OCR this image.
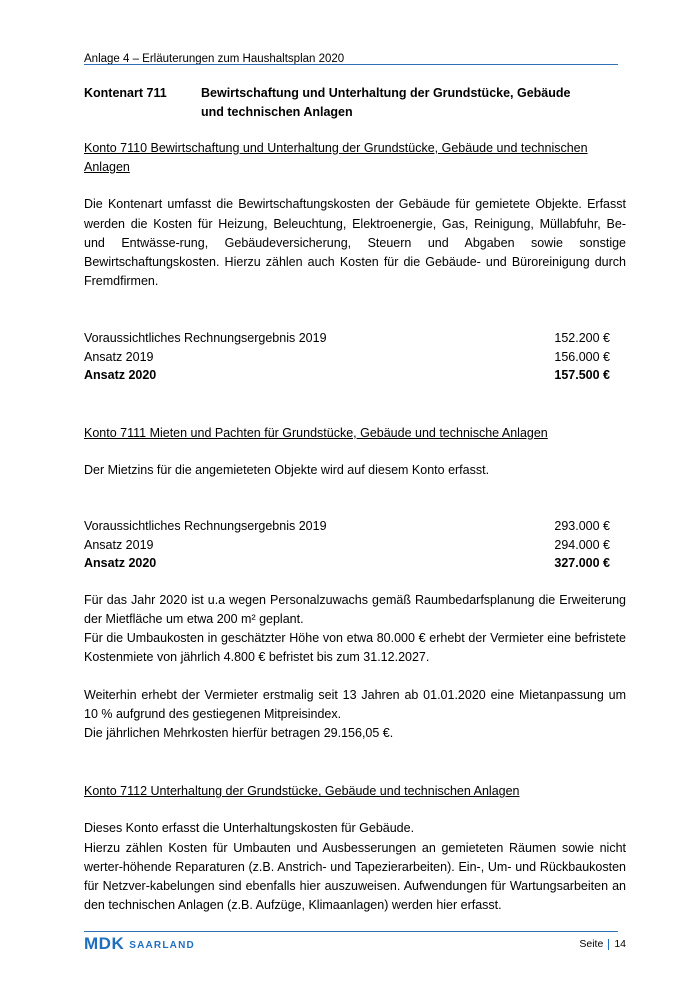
Anlage 4 – Erläuterungen zum Haushaltsplan 2020
Kontenart 711	Bewirtschaftung und Unterhaltung der Grundstücke, Gebäude
und technischen Anlagen

Konto 7110 Bewirtschaftung und Unterhaltung der Grundstücke, Gebäude und technischen Anlagen

Die Kontenart umfasst die Bewirtschaftungskosten der Gebäude für gemietete Objekte. Erfasst werden die Kosten für Heizung, Beleuchtung, Elektroenergie, Gas, Reinigung, Müllabfuhr, Be- und Entwässe-rung, Gebäudeversicherung, Steuern und Abgaben sowie sonstige Bewirtschaftungskosten. Hierzu zählen auch Kosten für die Gebäude- und Büroreinigung durch Fremdfirmen.

Voraussichtliches Rechnungsergebnis 2019	152.200 €
Ansatz 2019	156.000 €
Ansatz 2020	157.500 €

Konto 7111 Mieten und Pachten für Grundstücke, Gebäude und technische Anlagen

Der Mietzins für die angemieteten Objekte wird auf diesem Konto erfasst.

Voraussichtliches Rechnungsergebnis 2019	293.000 €
Ansatz 2019	294.000 €
Ansatz 2020	327.000 €

Für das Jahr 2020 ist u.a wegen Personalzuwachs gemäß Raumbedarfsplanung die Erweiterung der Mietfläche um etwa 200 m² geplant.

Für die Umbaukosten in geschätzter Höhe von etwa 80.000 € erhebt der Vermieter eine befristete Kostenmiete von jährlich 4.800 € befristet bis zum 31.12.2027.

Weiterhin erhebt der Vermieter erstmalig seit 13 Jahren ab 01.01.2020 eine Mietanpassung um 10 % aufgrund des gestiegenen Mitpreisindex.

Die jährlichen Mehrkosten hierfür betragen 29.156,05 €.

Konto 7112 Unterhaltung der Grundstücke, Gebäude und technischen Anlagen

Dieses Konto erfasst die Unterhaltungskosten für Gebäude.

Hierzu zählen Kosten für Umbauten und Ausbesserungen an gemieteten Räumen sowie nicht werter-höhende Reparaturen (z.B. Anstrich- und Tapezierarbeiten). Ein-, Um- und Rückbaukosten für Netzver-kabelungen sind ebenfalls hier auszuweisen. Aufwendungen für Wartungsarbeiten an den technischen Anlagen (z.B. Aufzüge, Klimaanlagen) werden hier erfasst.

MDK SAARLAND	Seite 14
